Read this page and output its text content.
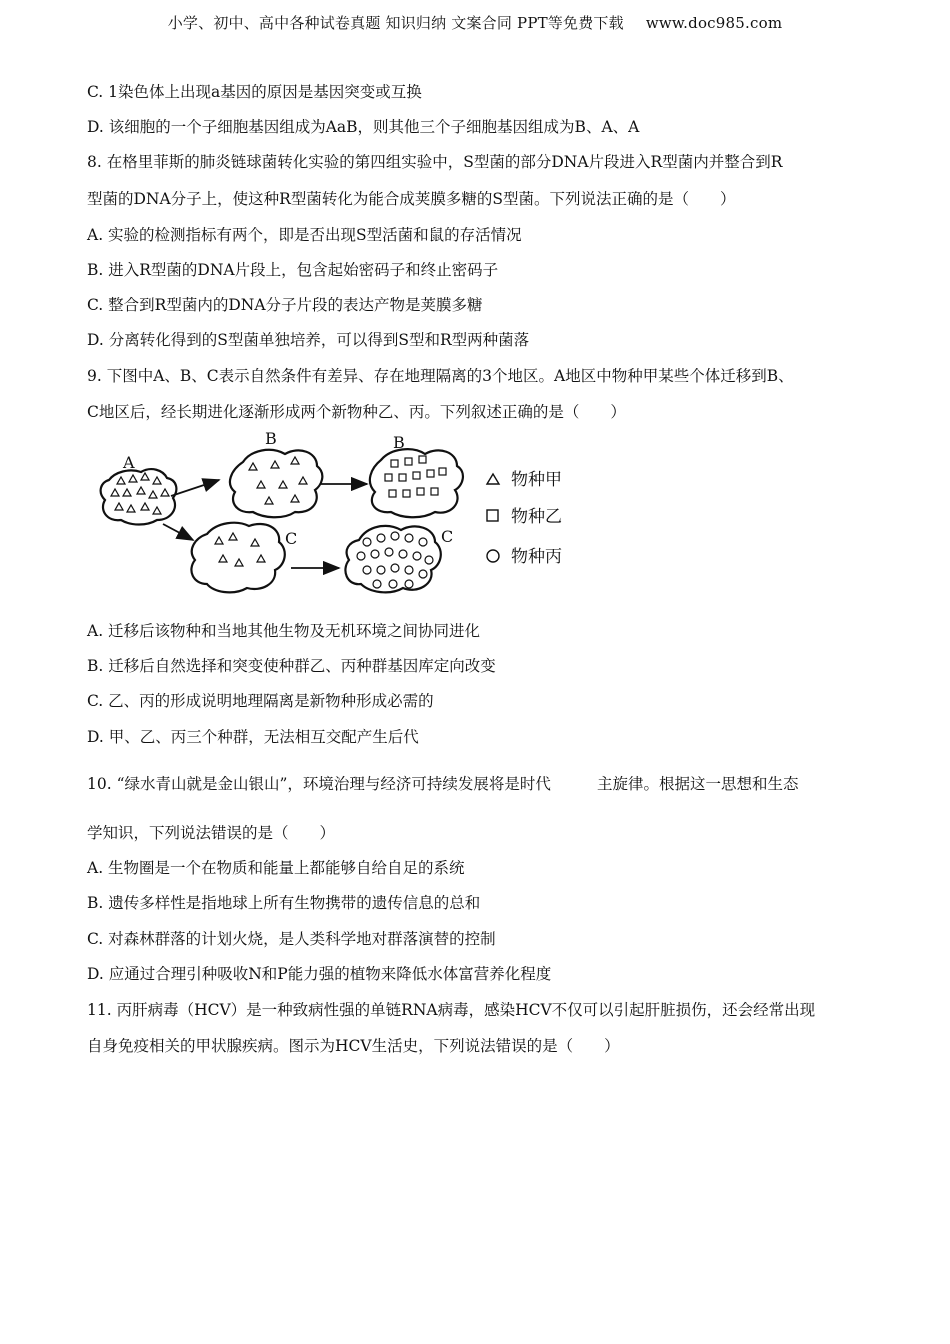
小学、初中、高中各种试卷真题 知识归纳 文案合同 PPT等免费下载 www.doc985.com
C. 1染色体上出现a基因的原因是基因突变或互换
D. 该细胞的一个子细胞基因组成为AaB，则其他三个子细胞基因组成为B、A、A
8. 在格里菲斯的肺炎链球菌转化实验的第四组实验中，S型菌的部分DNA片段进入R型菌内并整合到R
型菌的DNA分子上，使这种R型菌转化为能合成荚膜多糖的S型菌。下列说法正确的是（　　）
A. 实验的检测指标有两个，即是否出现S型活菌和鼠的存活情况
B. 进入R型菌的DNA片段上，包含起始密码子和终止密码子
C. 整合到R型菌内的DNA分子片段的表达产物是荚膜多糖
D. 分离转化得到的S型菌单独培养，可以得到S型和R型两种菌落
9. 下图中A、B、C表示自然条件有差异、存在地理隔离的3个地区。A地区中物种甲某些个体迁移到B、
C地区后，经长期进化逐渐形成两个新物种乙、丙。下列叙述正确的是（　　）
A
B	B
C	C
物种甲
物种乙
物种丙
A. 迁移后该物种和当地其他生物及无机环境之间协同进化
B. 迁移后自然选择和突变使种群乙、丙种群基因库定向改变
C. 乙、丙的形成说明地理隔离是新物种形成必需的
D. 甲、乙、丙三个种群，无法相互交配产生后代
10. “绿水青山就是金山银山”，环境治理与经济可持续发展将是时代	主旋律。根据这一思想和生态
学知识，下列说法错误的是（　　）
A. 生物圈是一个在物质和能量上都能够自给自足的系统
B. 遗传多样性是指地球上所有生物携带的遗传信息的总和
C. 对森林群落的计划火烧，是人类科学地对群落演替的控制
D. 应通过合理引种吸收N和P能力强的植物来降低水体富营养化程度
11. 丙肝病毒（HCV）是一种致病性强的单链RNA病毒，感染HCV不仅可以引起肝脏损伤，还会经常出现
自身免疫相关的甲状腺疾病。图示为HCV生活史，下列说法错误的是（　　）
